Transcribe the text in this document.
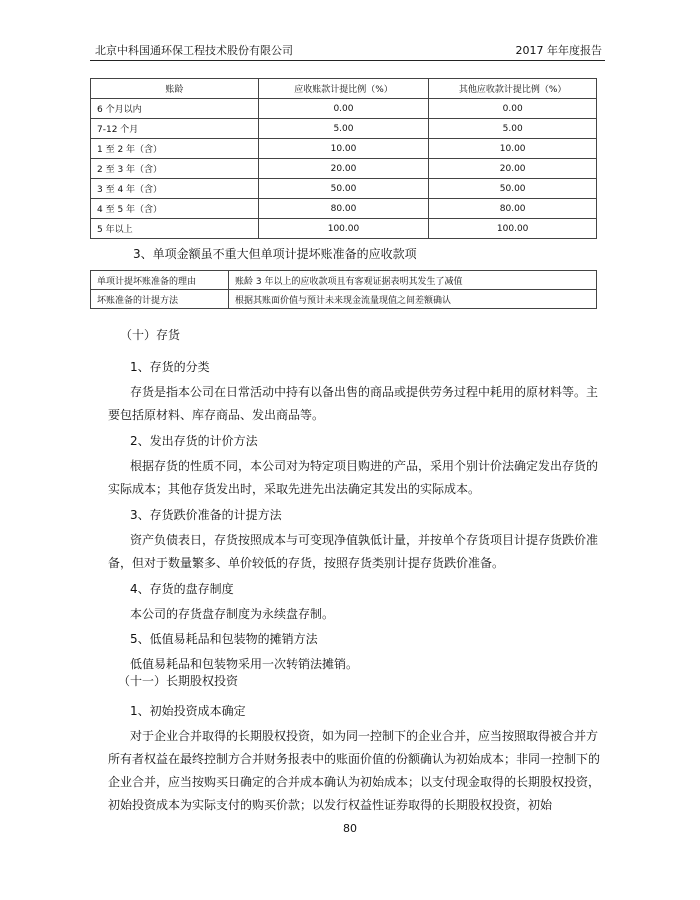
北京中科国通环保工程技术股份有限公司	2017 年年度报告
账龄	应收账款计提比例（%）	其他应收款计提比例（%）
6 个月以内	0.00	0.00
7-12 个月	5.00	5.00
1 至 2 年（含）	10.00	10.00
2 至 3 年（含）	20.00	20.00
3 至 4 年（含）	50.00	50.00
4 至 5 年（含）	80.00	80.00
5 年以上	100.00	100.00
3、单项金额虽不重大但单项计提坏账准备的应收款项
单项计提坏账准备的理由	账龄 3 年以上的应收款项且有客观证据表明其发生了减值
坏账准备的计提方法	根据其账面价值与预计未来现金流量现值之间差额确认

（十）存货

1、存货的分类

存货是指本公司在日常活动中持有以备出售的商品或提供劳务过程中耗用的原材料等。主要包括原材料、库存商品、发出商品等。

2、发出存货的计价方法

根据存货的性质不同，本公司对为特定项目购进的产品，采用个别计价法确定发出存货的实际成本；其他存货发出时，采取先进先出法确定其发出的实际成本。

3、存货跌价准备的计提方法

资产负债表日，存货按照成本与可变现净值孰低计量，并按单个存货项目计提存货跌价准备，但对于数量繁多、单价较低的存货，按照存货类别计提存货跌价准备。

4、存货的盘存制度

本公司的存货盘存制度为永续盘存制。

5、低值易耗品和包装物的摊销方法

低值易耗品和包装物采用一次转销法摊销。

（十一）长期股权投资

1、初始投资成本确定

对于企业合并取得的长期股权投资，如为同一控制下的企业合并，应当按照取得被合并方所有者权益在最终控制方合并财务报表中的账面价值的份额确认为初始成本；非同一控制下的企业合并，应当按购买日确定的合并成本确认为初始成本；以支付现金取得的长期股权投资，初始投资成本为实际支付的购买价款；以发行权益性证券取得的长期股权投资，初始

80
